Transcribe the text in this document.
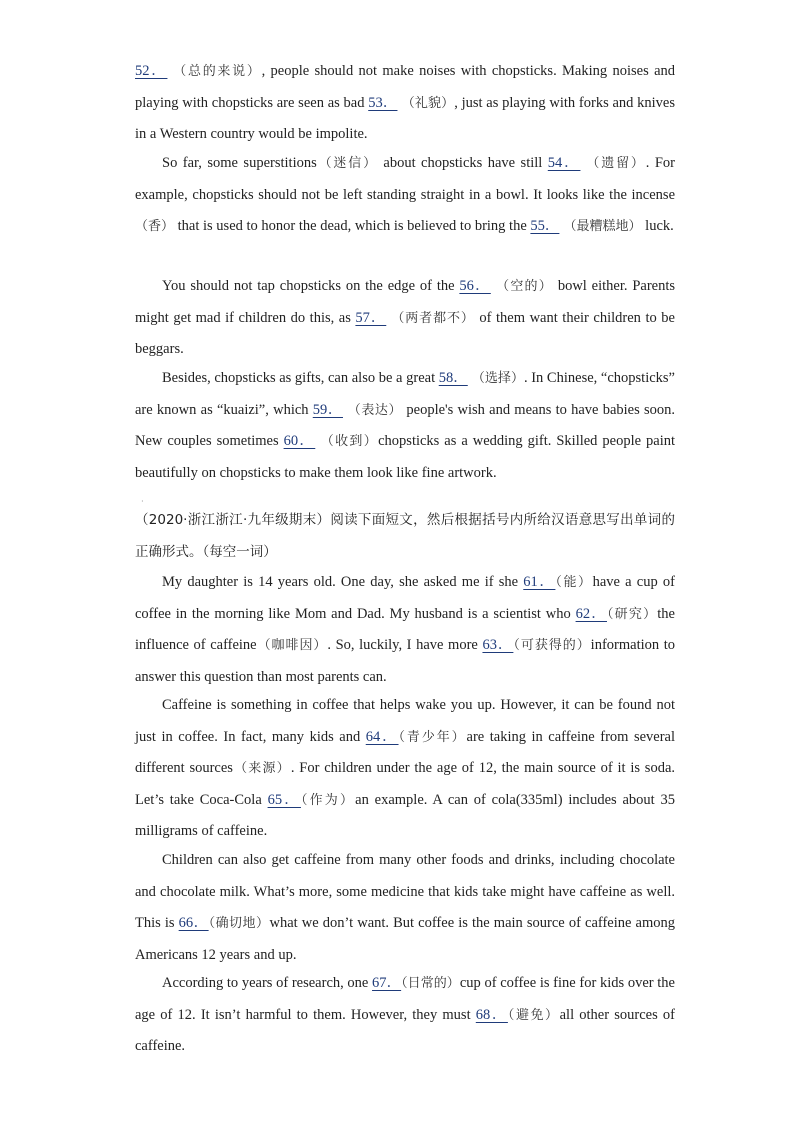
52． （总的来说）, people should not make noises with chopsticks. Making noises and playing with chopsticks are seen as bad 53． （礼貌）, just as playing with forks and knives in a Western country would be impolite.

So far, some superstitions（迷信） about chopsticks have still 54． （遗留）. For example, chopsticks should not be left standing straight in a bowl. It looks like the incense （香） that is used to honor the dead, which is believed to bring the 55． （最糟糕地） luck.

You should not tap chopsticks on the edge of the 56． （空的） bowl either. Parents might get mad if children do this, as 57． （两者都不） of them want their children to be beggars.

Besides, chopsticks as gifts, can also be a great 58． （选择）. In Chinese, “chopsticks” are known as “kuaizi”, which 59． （表达） people's wish and means to have babies soon. New couples sometimes 60． （收到）chopsticks as a wedding gift. Skilled people paint beautifully on chopsticks to make them look like fine artwork.

·

（2020·浙江浙江·九年级期末）阅读下面短文，然后根据括号内所给汉语意思写出单词的正确形式。（每空一词）

My daughter is 14 years old. One day, she asked me if she 61．（能）have a cup of coffee in the morning like Mom and Dad. My husband is a scientist who 62．（研究）the influence of caffeine（咖啡因）. So, luckily, I have more 63．（可获得的）information to answer this question than most parents can.

Caffeine is something in coffee that helps wake you up. However, it can be found not just in coffee. In fact, many kids and 64．（青少年）are taking in caffeine from several different sources（来源）. For children under the age of 12, the main source of it is soda. Let’s take Coca-Cola 65．（作为）an example. A can of cola(335ml) includes about 35 milligrams of caffeine.

Children can also get caffeine from many other foods and drinks, including chocolate and chocolate milk. What’s more, some medicine that kids take might have caffeine as well. This is 66．（确切地）what we don’t want. But coffee is the main source of caffeine among Americans 12 years and up.

According to years of research, one 67．（日常的）cup of coffee is fine for kids over the age of 12. It isn’t harmful to them. However, they must 68．（避免）all other sources of caffeine.
